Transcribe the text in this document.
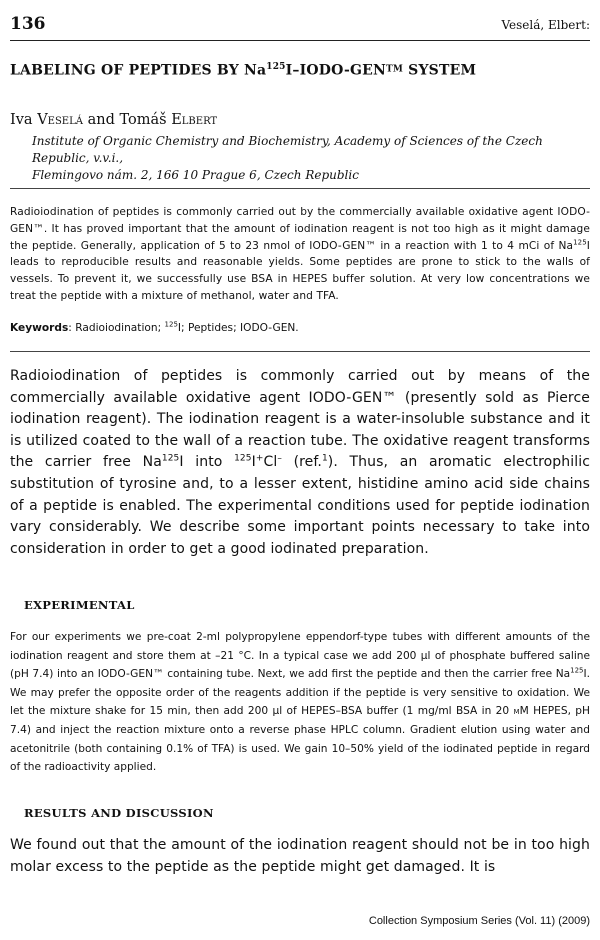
136	Veselá, Elbert:
LABELING OF PEPTIDES BY Na$^{125}$I–IODO-GEN™ SYSTEM
Iva Veselá and Tomáš Elbert
Institute of Organic Chemistry and Biochemistry, Academy of Sciences of the Czech Republic, v.v.i.,
Flemingovo nám. 2, 166 10 Prague 6, Czech Republic
Radioiodination of peptides is commonly carried out by the commercially available oxidative agent IODO-GEN™. It has proved important that the amount of iodination reagent is not too high as it might damage the peptide. Generally, application of 5 to 23 nmol of IODO-GEN™ in a reaction with 1 to 4 mCi of Na$^{125}$I leads to reproducible results and reasonable yields. Some peptides are prone to stick to the walls of vessels. To prevent it, we successfully use BSA in HEPES buffer solution. At very low concentrations we treat the peptide with a mixture of methanol, water and TFA.
Keywords: Radioiodination; $^{125}$I; Peptides; IODO-GEN.
Radioiodination of peptides is commonly carried out by means of the commercially available oxidative agent IODO-GEN™ (presently sold as Pierce iodination reagent). The iodination reagent is a water-insoluble substance and it is utilized coated to the wall of a reaction tube. The oxidative reagent transforms the carrier free Na$^{125}$I into $^{125}$I+Cl– (ref.$^1$). Thus, an aromatic electrophilic substitution of tyrosine and, to a lesser extent, histidine amino acid side chains of a peptide is enabled. The experimental conditions used for peptide iodination vary considerably. We describe some important points necessary to take into consideration in order to get a good iodinated preparation.
EXPERIMENTAL
For our experiments we pre-coat 2-ml polypropylene eppendorf-type tubes with different amounts of the iodination reagent and store them at –21 °C. In a typical case we add 200 µl of phosphate buffered saline (pH 7.4) into an IODO-GEN™ containing tube. Next, we add first the peptide and then the carrier free Na$^{125}$I. We may prefer the opposite order of the reagents addition if the peptide is very sensitive to oxidation. We let the mixture shake for 15 min, then add 200 µl of HEPES–BSA buffer (1 mg/ml BSA in 20 mM HEPES, pH 7.4) and inject the reaction mixture onto a reverse phase HPLC column. Gradient elution using water and acetonitrile (both containing 0.1% of TFA) is used. We gain 10–50% yield of the iodinated peptide in regard of the radioactivity applied.
RESULTS AND DISCUSSION
We found out that the amount of the iodination reagent should not be in too high molar excess to the peptide as the peptide might get damaged. It is
Collection Symposium Series (Vol. 11) (2009)
